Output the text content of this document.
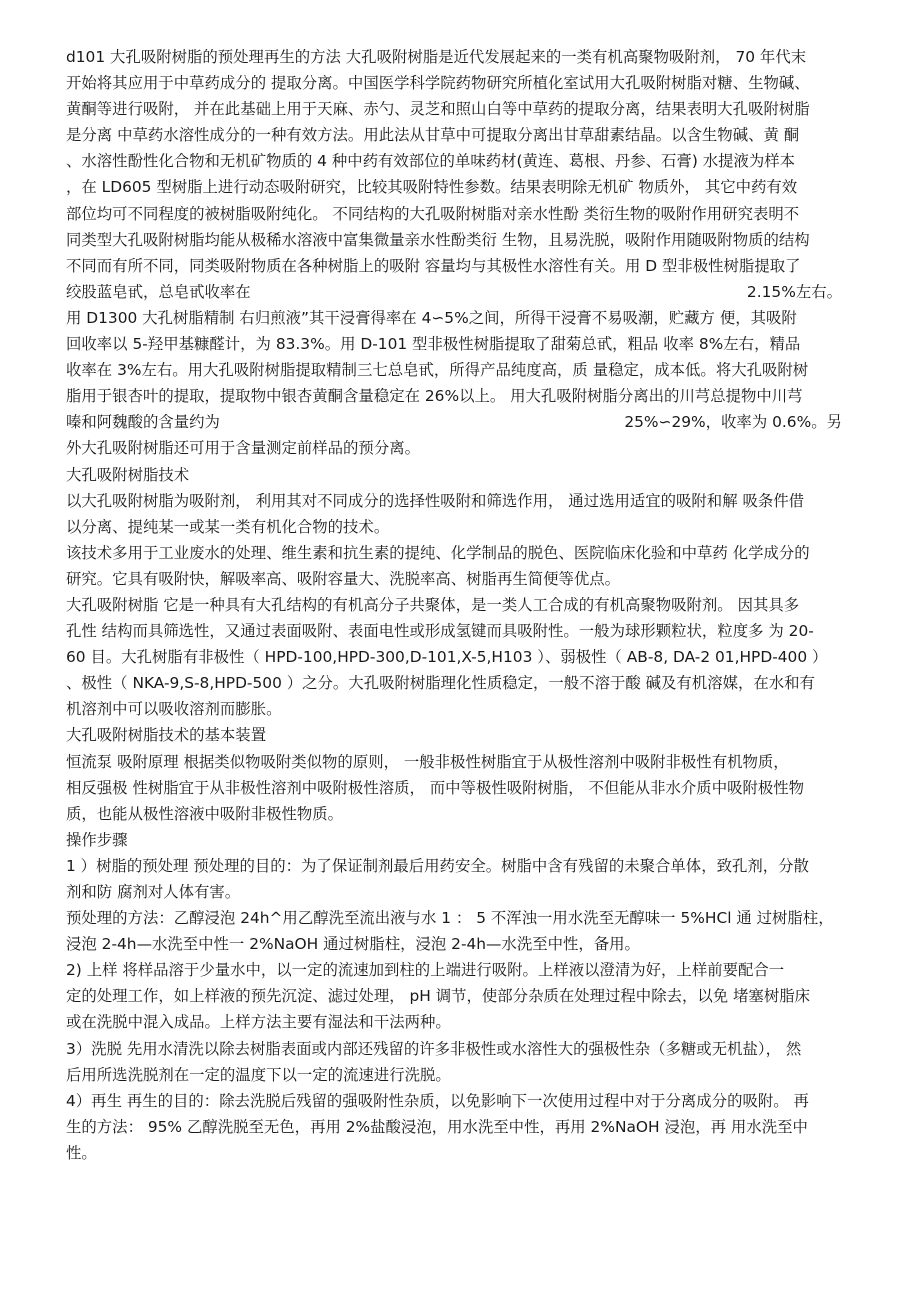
d101 大孔吸附树脂的预处理再生的方法 大孔吸附树脂是近代发展起来的一类有机高聚物吸附剂， 70 年代末
开始将其应用于中草药成分的 提取分离。中国医学科学院药物研究所植化室试用大孔吸附树脂对糖、生物碱、
黄酮等进行吸附， 并在此基础上用于天麻、赤勺、灵芝和照山白等中草药的提取分离，结果表明大孔吸附树脂
是分离 中草药水溶性成分的一种有效方法。用此法从甘草中可提取分离出甘草甜素结晶。以含生物碱、黄 酮
、水溶性酚性化合物和无机矿物质的 4 种中药有效部位的单味药材(黄连、葛根、丹参、石膏) 水提液为样本
，在 LD605 型树脂上进行动态吸附研究，比较其吸附特性参数。结果表明除无机矿 物质外， 其它中药有效
部位均可不同程度的被树脂吸附纯化。 不同结构的大孔吸附树脂对亲水性酚 类衍生物的吸附作用研究表明不
同类型大孔吸附树脂均能从极稀水溶液中富集微量亲水性酚类衍 生物，且易洗脱，吸附作用随吸附物质的结构
不同而有所不同，同类吸附物质在各种树脂上的吸附 容量均与其极性水溶性有关。用 D 型非极性树脂提取了
绞股蓝皂甙，总皂甙收率在	2.15%左右。
用 D1300 大孔树脂精制 右归煎液”其干浸膏得率在 4∽5%之间，所得干浸膏不易吸潮，贮藏方 便，其吸附
回收率以 5-羟甲基糠醛计，为 83.3%。用 D-101 型非极性树脂提取了甜菊总甙，粗品 收率 8%左右，精品
收率在 3%左右。用大孔吸附树脂提取精制三七总皂甙，所得产品纯度高，质 量稳定，成本低。将大孔吸附树
脂用于银杏叶的提取，提取物中银杏黄酮含量稳定在 26%以上。 用大孔吸附树脂分离出的川芎总提物中川芎
嗪和阿魏酸的含量约为	25%∽29%，收率为 0.6%。另
外大孔吸附树脂还可用于含量测定前样品的预分离。
大孔吸附树脂技术
以大孔吸附树脂为吸附剂， 利用其对不同成分的选择性吸附和筛选作用， 通过选用适宜的吸附和解 吸条件借
以分离、提纯某一或某一类有机化合物的技术。
该技术多用于工业废水的处理、维生素和抗生素的提纯、化学制品的脱色、医院临床化验和中草药 化学成分的
研究。它具有吸附快，解吸率高、吸附容量大、洗脱率高、树脂再生简便等优点。
大孔吸附树脂 它是一种具有大孔结构的有机高分子共聚体，是一类人工合成的有机高聚物吸附剂。 因其具多
孔性 结构而具筛选性，又通过表面吸附、表面电性或形成氢键而具吸附性。一般为球形颗粒状，粒度多 为 20-
60 目。大孔树脂有非极性（ HPD-100,HPD-300,D-101,X-5,H103 ）、弱极性（ AB-8, DA-2 01,HPD-400 ）
、极性（ NKA-9,S-8,HPD-500 ）之分。大孔吸附树脂理化性质稳定，一般不溶于酸 碱及有机溶媒，在水和有
机溶剂中可以吸收溶剂而膨胀。
大孔吸附树脂技术的基本装置
恒流泵 吸附原理 根据类似物吸附类似物的原则， 一般非极性树脂宜于从极性溶剂中吸附非极性有机物质，
相反强极 性树脂宜于从非极性溶剂中吸附极性溶质， 而中等极性吸附树脂， 不但能从非水介质中吸附极性物
质，也能从极性溶液中吸附非极性物质。
操作步骤
1 ）树脂的预处理 预处理的目的：为了保证制剂最后用药安全。树脂中含有残留的未聚合单体，致孔剂，分散
剂和防 腐剂对人体有害。
预处理的方法：乙醇浸泡 24h^用乙醇洗至流出液与水 1 ： 5 不浑浊一用水洗至无醇味一 5%HCl 通 过树脂柱，
浸泡 2-4h—水洗至中性一 2%NaOH 通过树脂柱，浸泡 2-4h—水洗至中性，备用。
2) 上样 将样品溶于少量水中，以一定的流速加到柱的上端进行吸附。上样液以澄清为好，上样前要配合一
定的处理工作，如上样液的预先沉淀、滤过处理， pH 调节，使部分杂质在处理过程中除去，以免 堵塞树脂床
或在洗脱中混入成品。上样方法主要有湿法和干法两种。
3）洗脱 先用水清洗以除去树脂表面或内部还残留的许多非极性或水溶性大的强极性杂（多糖或无机盐）， 然
后用所选洗脱剂在一定的温度下以一定的流速进行洗脱。
4）再生 再生的目的：除去洗脱后残留的强吸附性杂质，以免影响下一次使用过程中对于分离成分的吸附。 再
生的方法： 95% 乙醇洗脱至无色，再用 2%盐酸浸泡，用水洗至中性，再用 2%NaOH 浸泡，再 用水洗至中
性。
